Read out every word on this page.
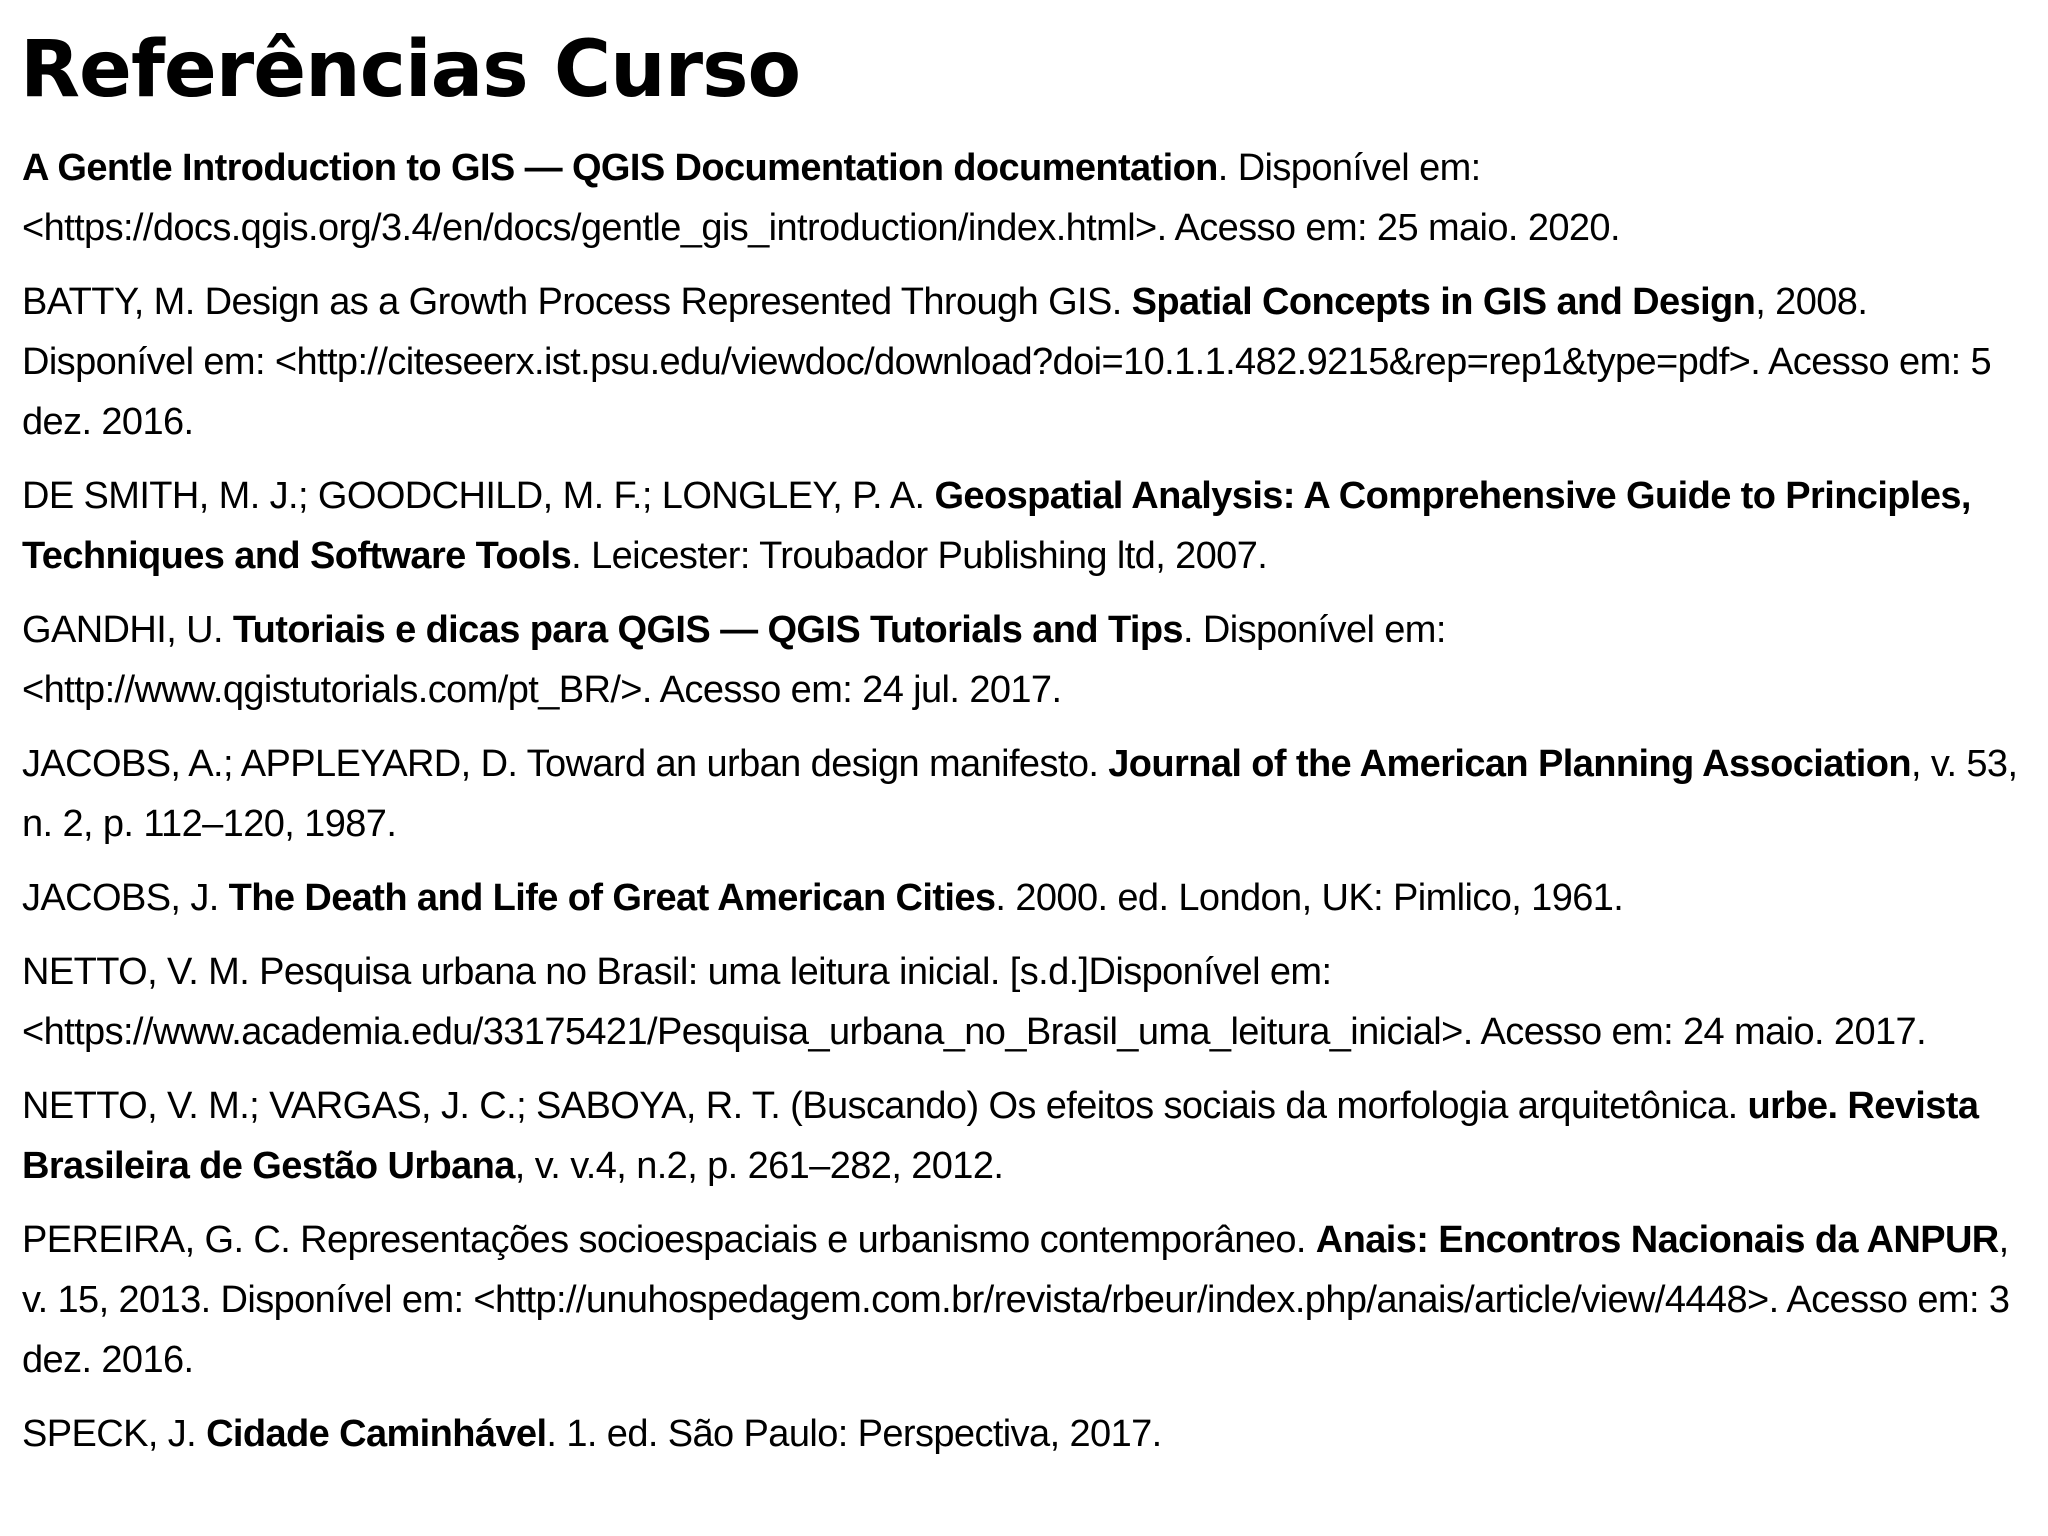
Referências Curso

A Gentle Introduction to GIS — QGIS Documentation documentation. Disponível em: <https://docs.qgis.org/3.4/en/docs/gentle_gis_introduction/index.html>. Acesso em: 25 maio. 2020.

BATTY, M. Design as a Growth Process Represented Through GIS. Spatial Concepts in GIS and Design, 2008. Disponível em: <http://citeseerx.ist.psu.edu/viewdoc/download?doi=10.1.1.482.9215&rep=rep1&type=pdf>. Acesso em: 5 dez. 2016.

DE SMITH, M. J.; GOODCHILD, M. F.; LONGLEY, P. A. Geospatial Analysis: A Comprehensive Guide to Principles, Techniques and Software Tools. Leicester: Troubador Publishing ltd, 2007.

GANDHI, U. Tutoriais e dicas para QGIS — QGIS Tutorials and Tips. Disponível em: <http://www.qgistutorials.com/pt_BR/>. Acesso em: 24 jul. 2017.

JACOBS, A.; APPLEYARD, D. Toward an urban design manifesto. Journal of the American Planning Association, v. 53, n. 2, p. 112–120, 1987.

JACOBS, J. The Death and Life of Great American Cities. 2000. ed. London, UK: Pimlico, 1961.

NETTO, V. M. Pesquisa urbana no Brasil: uma leitura inicial. [s.d.]Disponível em: <https://www.academia.edu/33175421/Pesquisa_urbana_no_Brasil_uma_leitura_inicial>. Acesso em: 24 maio. 2017.

NETTO, V. M.; VARGAS, J. C.; SABOYA, R. T. (Buscando) Os efeitos sociais da morfologia arquitetônica. urbe. Revista Brasileira de Gestão Urbana, v. v.4, n.2, p. 261–282, 2012.

PEREIRA, G. C. Representações socioespaciais e urbanismo contemporâneo. Anais: Encontros Nacionais da ANPUR, v. 15, 2013. Disponível em: <http://unuhospedagem.com.br/revista/rbeur/index.php/anais/article/view/4448>. Acesso em: 3 dez. 2016.

SPECK, J. Cidade Caminhável. 1. ed. São Paulo: Perspectiva, 2017.
